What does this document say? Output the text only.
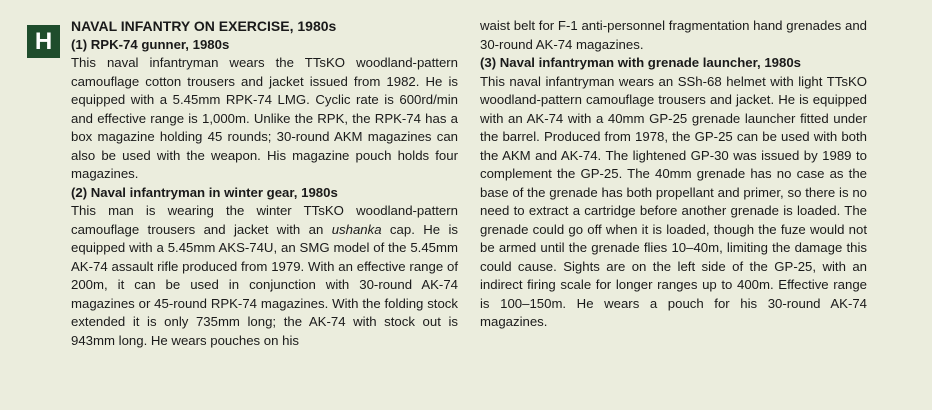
H

NAVAL INFANTRY ON EXERCISE, 1980s

(1) RPK-74 gunner, 1980s

This naval infantryman wears the TTsKO woodland-pattern camouflage cotton trousers and jacket issued from 1982. He is equipped with a 5.45mm RPK-74 LMG. Cyclic rate is 600rd/min and effective range is 1,000m. Unlike the RPK, the RPK-74 has a box magazine holding 45 rounds; 30-round AKM magazines can also be used with the weapon. His magazine pouch holds four magazines.

(2) Naval infantryman in winter gear, 1980s

This man is wearing the winter TTsKO woodland-pattern camouflage trousers and jacket with an ushanka cap. He is equipped with a 5.45mm AKS-74U, an SMG model of the 5.45mm AK-74 assault rifle produced from 1979. With an effective range of 200m, it can be used in conjunction with 30-round AK-74 magazines or 45-round RPK-74 magazines. With the folding stock extended it is only 735mm long; the AK-74 with stock out is 943mm long. He wears pouches on his

waist belt for F-1 anti-personnel fragmentation hand grenades and 30-round AK-74 magazines.

(3) Naval infantryman with grenade launcher, 1980s

This naval infantryman wears an SSh-68 helmet with light TTsKO woodland-pattern camouflage trousers and jacket. He is equipped with an AK-74 with a 40mm GP-25 grenade launcher fitted under the barrel. Produced from 1978, the GP-25 can be used with both the AKM and AK-74. The lightened GP-30 was issued by 1989 to complement the GP-25. The 40mm grenade has no case as the base of the grenade has both propellant and primer, so there is no need to extract a cartridge before another grenade is loaded. The grenade could go off when it is loaded, though the fuze would not be armed until the grenade flies 10–40m, limiting the damage this could cause. Sights are on the left side of the GP-25, with an indirect firing scale for longer ranges up to 400m. Effective range is 100–150m. He wears a pouch for his 30-round AK-74 magazines.
